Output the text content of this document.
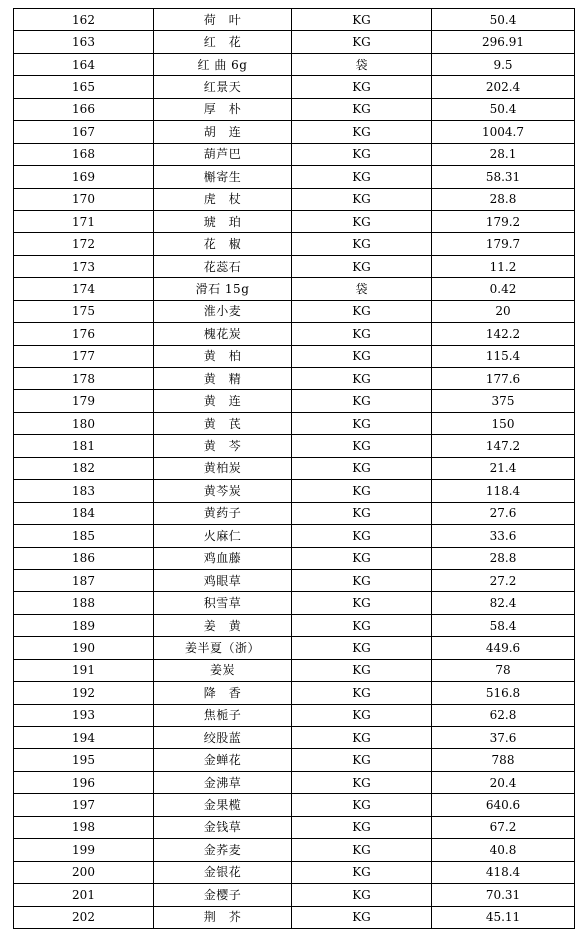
162	荷　叶	KG	50.4
163	红　花	KG	296.91
164	红 曲 6g	袋	9.5
165	红景天	KG	202.4
166	厚　朴	KG	50.4
167	胡　连	KG	1004.7
168	葫芦巴	KG	28.1
169	槲寄生	KG	58.31
170	虎　杖	KG	28.8
171	琥　珀	KG	179.2
172	花　椒	KG	179.7
173	花蕊石	KG	11.2
174	滑石 15g	袋	0.42
175	淮小麦	KG	20
176	槐花炭	KG	142.2
177	黄　柏	KG	115.4
178	黄　精	KG	177.6
179	黄　连	KG	375
180	黄　芪	KG	150
181	黄　芩	KG	147.2
182	黄柏炭	KG	21.4
183	黄芩炭	KG	118.4
184	黄药子	KG	27.6
185	火麻仁	KG	33.6
186	鸡血藤	KG	28.8
187	鸡眼草	KG	27.2
188	积雪草	KG	82.4
189	姜　黄	KG	58.4
190	姜半夏（浙）	KG	449.6
191	姜炭	KG	78
192	降　香	KG	516.8
193	焦栀子	KG	62.8
194	绞股蓝	KG	37.6
195	金蝉花	KG	788
196	金沸草	KG	20.4
197	金果榄	KG	640.6
198	金钱草	KG	67.2
199	金荞麦	KG	40.8
200	金银花	KG	418.4
201	金樱子	KG	70.31
202	荆　芥	KG	45.11
